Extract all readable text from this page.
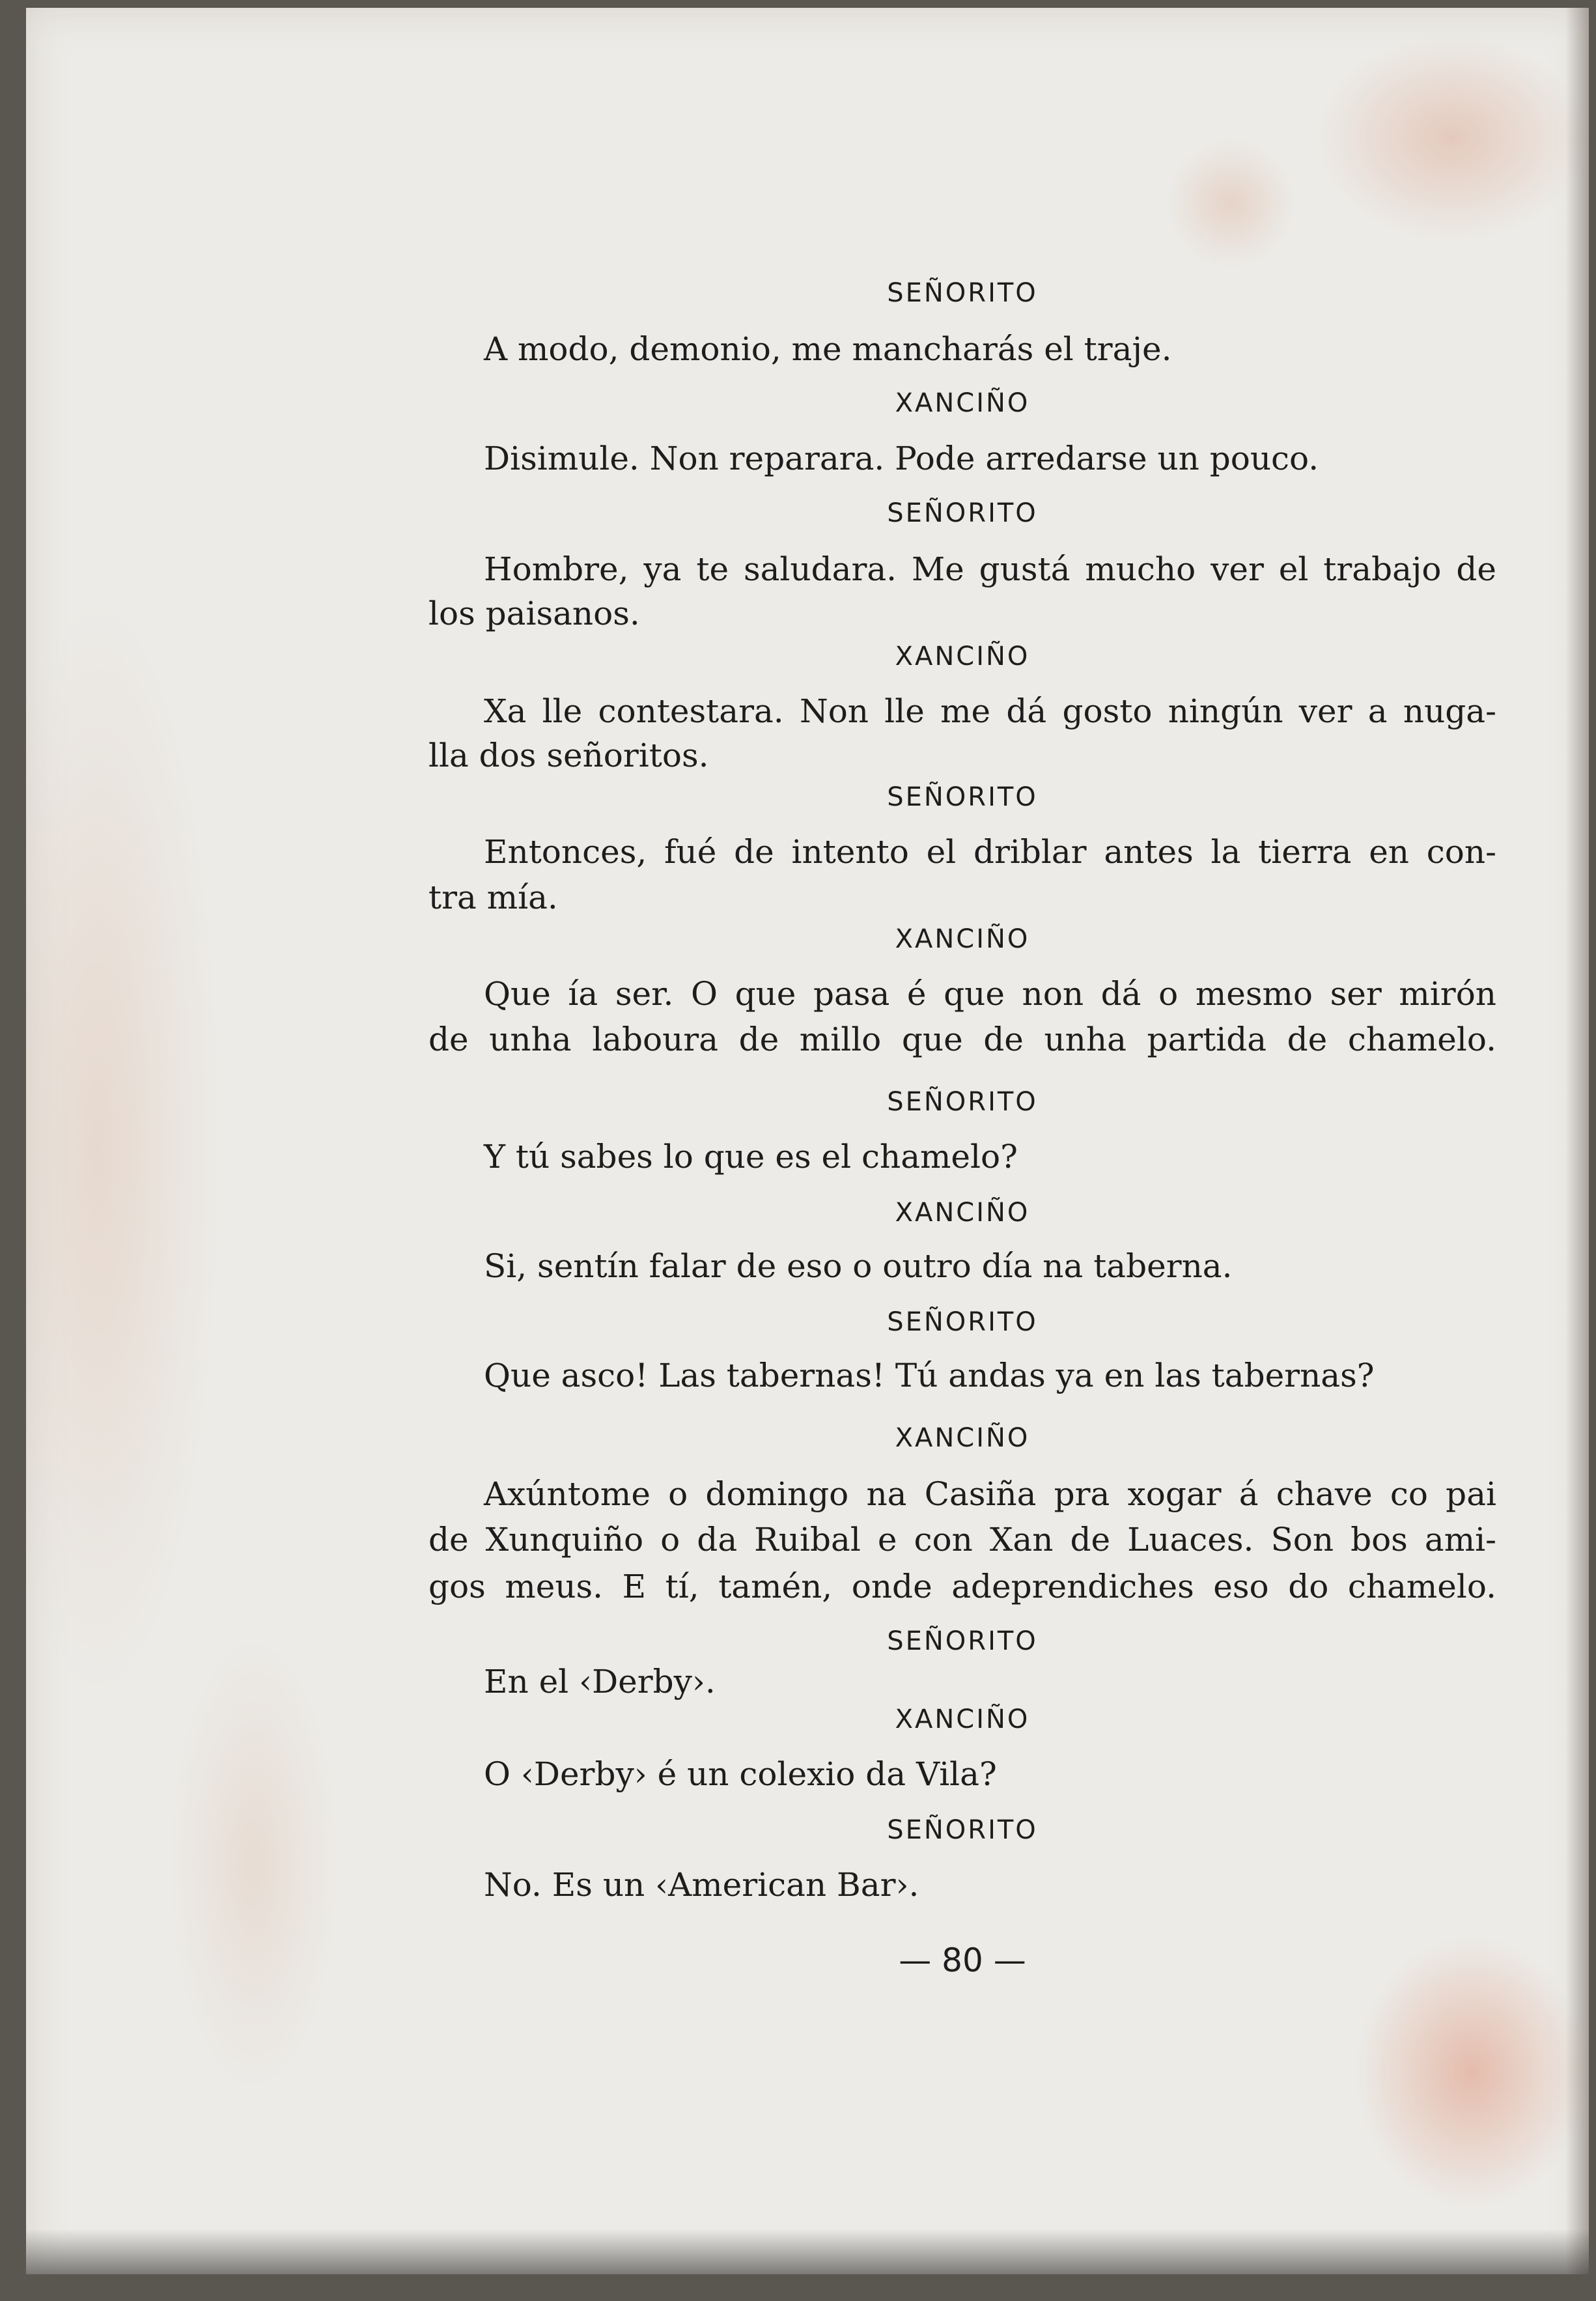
SEÑORITO
A modo, demonio, me mancharás el traje.
XANCIÑO
Disimule. Non reparara. Pode arredarse un pouco.
SEÑORITO
Hombre, ya te saludara. Me gustá mucho ver el trabajo de
los paisanos.
XANCIÑO
Xa lle contestara. Non lle me dá gosto ningún ver a nuga-
lla dos señoritos.
SEÑORITO
Entonces, fué de intento el driblar antes la tierra en con-
tra mía.
XANCIÑO
Que ía ser. O que pasa é que non dá o mesmo ser mirón
de unha laboura de millo que de unha partida de chamelo.
SEÑORITO
Y tú sabes lo que es el chamelo?
XANCIÑO
Si, sentín falar de eso o outro día na taberna.
SEÑORITO
Que asco! Las tabernas! Tú andas ya en las tabernas?
XANCIÑO
Axúntome o domingo na Casiña pra xogar á chave co pai
de Xunquiño o da Ruibal e con Xan de Luaces. Son bos ami-
gos meus. E tí, tamén, onde adeprendiches eso do chamelo.
SEÑORITO
En el ‹Derby›.
XANCIÑO
O ‹Derby› é un colexio da Vila?
SEÑORITO
No. Es un ‹American Bar›.
— 80 —
